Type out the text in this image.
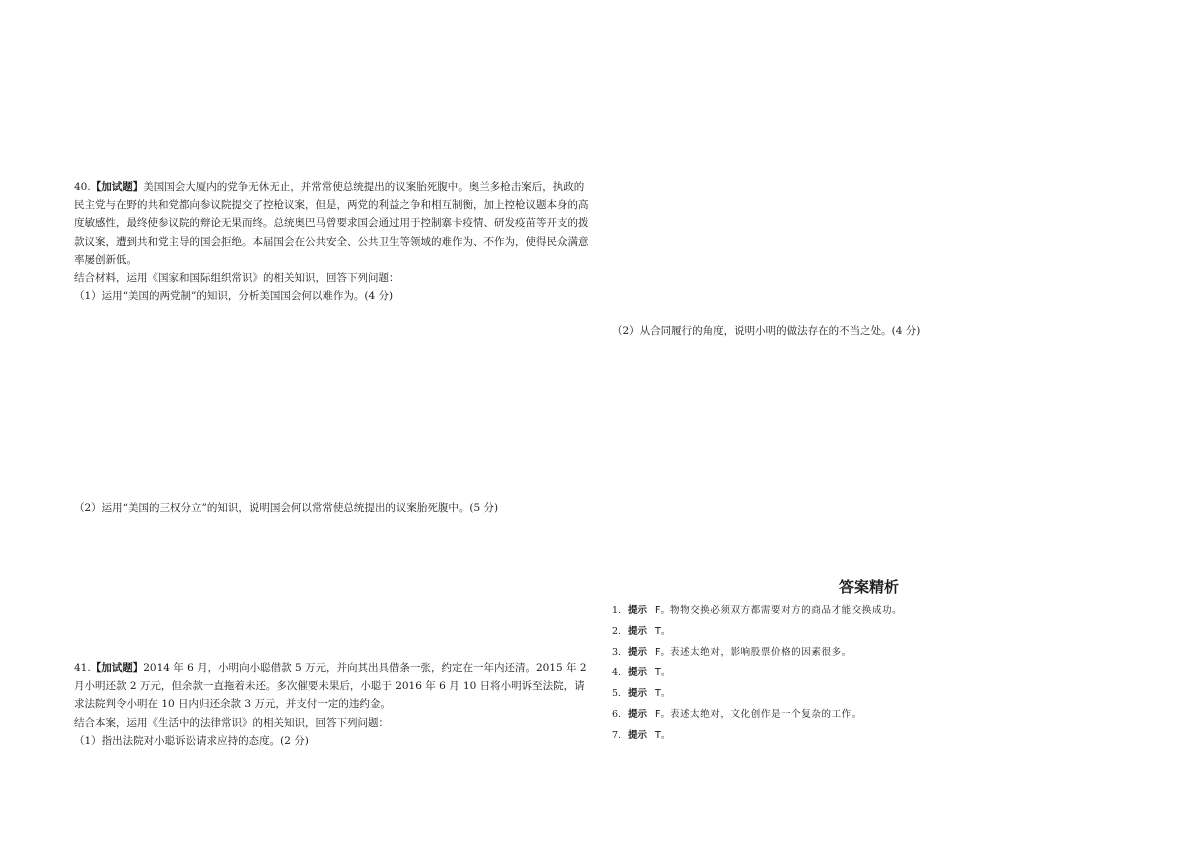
40.【加试题】美国国会大厦内的党争无休无止，并常常使总统提出的议案胎死腹中。奥兰多枪击案后，执政的民主党与在野的共和党都向参议院提交了控枪议案，但是，两党的利益之争和相互制衡，加上控枪议题本身的高度敏感性，最终使参议院的辩论无果而终。总统奥巴马曾要求国会通过用于控制寨卡疫情、研发疫苗等开支的拨款议案，遭到共和党主导的国会拒绝。本届国会在公共安全、公共卫生等领域的难作为、不作为，使得民众满意率屡创新低。

结合材料，运用《国家和国际组织常识》的相关知识，回答下列问题：

（1）运用“美国的两党制”的知识，分析美国国会何以难作为。(4 分)

（2）运用“美国的三权分立”的知识，说明国会何以常常使总统提出的议案胎死腹中。(5 分)

41.【加试题】2014 年 6 月，小明向小聪借款 5 万元，并向其出具借条一张，约定在一年内还清。2015 年 2 月小明还款 2 万元，但余款一直拖着未还。多次催要未果后，小聪于 2016 年 6 月 10 日将小明诉至法院，请求法院判令小明在 10 日内归还余款 3 万元，并支付一定的违约金。

结合本案，运用《生活中的法律常识》的相关知识，回答下列问题：

（1）指出法院对小聪诉讼请求应持的态度。(2 分)

（2）从合同履行的角度，说明小明的做法存在的不当之处。(4 分)

答案精析
1. 提示 F。物物交换必须双方都需要对方的商品才能交换成功。
2. 提示 T。
3. 提示 F。表述太绝对，影响股票价格的因素很多。
4. 提示 T。
5. 提示 T。
6. 提示 F。表述太绝对，文化创作是一个复杂的工作。
7. 提示 T。
